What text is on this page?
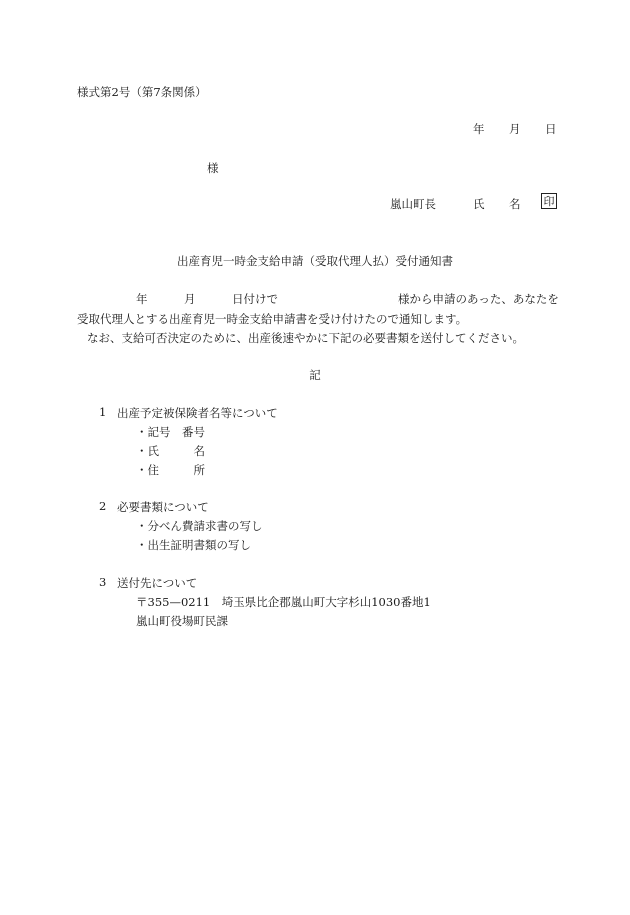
様式第2号（第7条関係）
年 月 日
様
嵐山町長	氏 名 印
出産育児一時金支給申請（受取代理人払）受付通知書
年	月	日付けで	様から申請のあった、あなたを
受取代理人とする出産育児一時金支給申請書を受け付けたので通知します。
なお、支給可否決定のために、出産後速やかに下記の必要書類を送付してください。
記
1 出産予定被保険者名等について
・記号　番号
・氏　　　名
・住　　　所
2 必要書類について
・分べん費請求書の写し
・出生証明書類の写し
3 送付先について
〒355—0211　埼玉県比企郡嵐山町大字杉山1030番地1
嵐山町役場町民課
